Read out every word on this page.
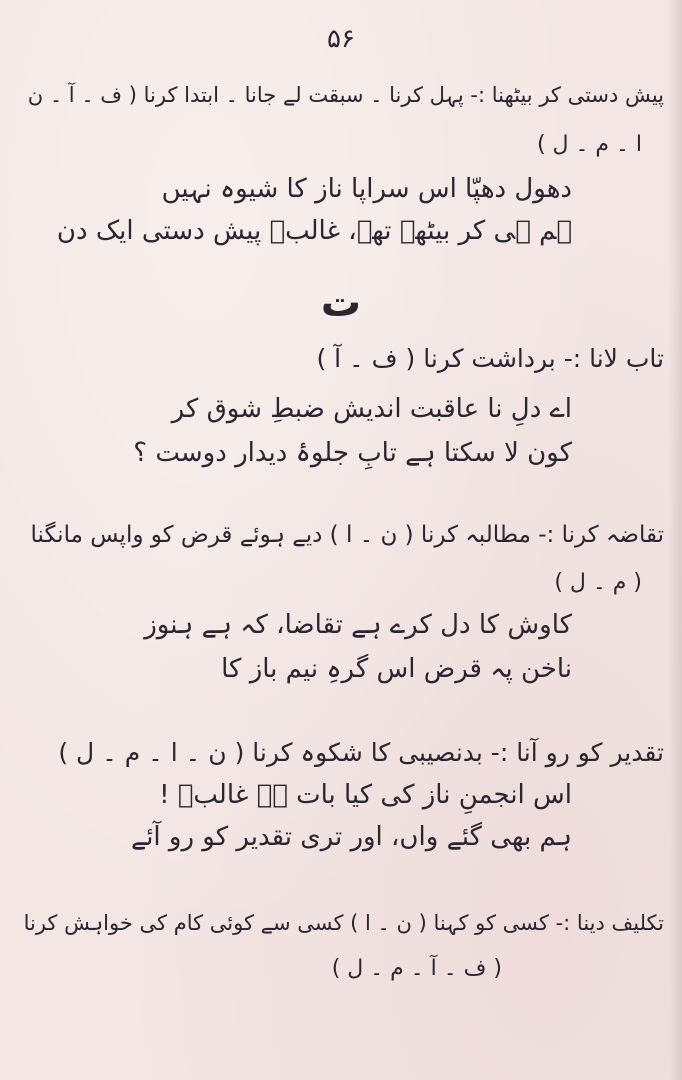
۵۶
پیش دستی کر بیٹھنا :- پہل کرنا ۔ سبقت لے جانا ۔ ابتدا کرنا ( ف ۔ آ ۔ ن
ا ۔ م ۔ ل )
دھول دھپّا اس سراپا ناز کا شیوہ نہیں
ہم ہی کر بیٹھے تھے، غالبؔ پیش دستی ایک دن
ت
تاب لانا :- برداشت کرنا ( ف ۔ آ )
اے دلِ نا عاقبت اندیش ضبطِ شوق کر
کون لا سکتا ہے تابِ جلوۂ دیدار دوست ؟
تقاضہ کرنا :- مطالبہ کرنا ( ن ۔ ا ) دیے ہوئے قرض کو واپس مانگنا
( م ۔ ل )
کاوش کا دل کرے ہے تقاضا، کہ ہے ہنوز
ناخن پہ قرض اس گرہِ نیم باز کا
تقدیر کو رو آنا :- بدنصیبی کا شکوہ کرنا ( ن ۔ ا ۔ م ۔ ل )
اس انجمنِ ناز کی کیا بات ہے غالبؔ !
ہم بھی گئے واں، اور تری تقدیر کو رو آئے
تکلیف دینا :- کسی کو کہنا ( ن ۔ ا ) کسی سے کوئی کام کی خواہش کرنا
( ف ۔ آ ۔ م ۔ ل )
